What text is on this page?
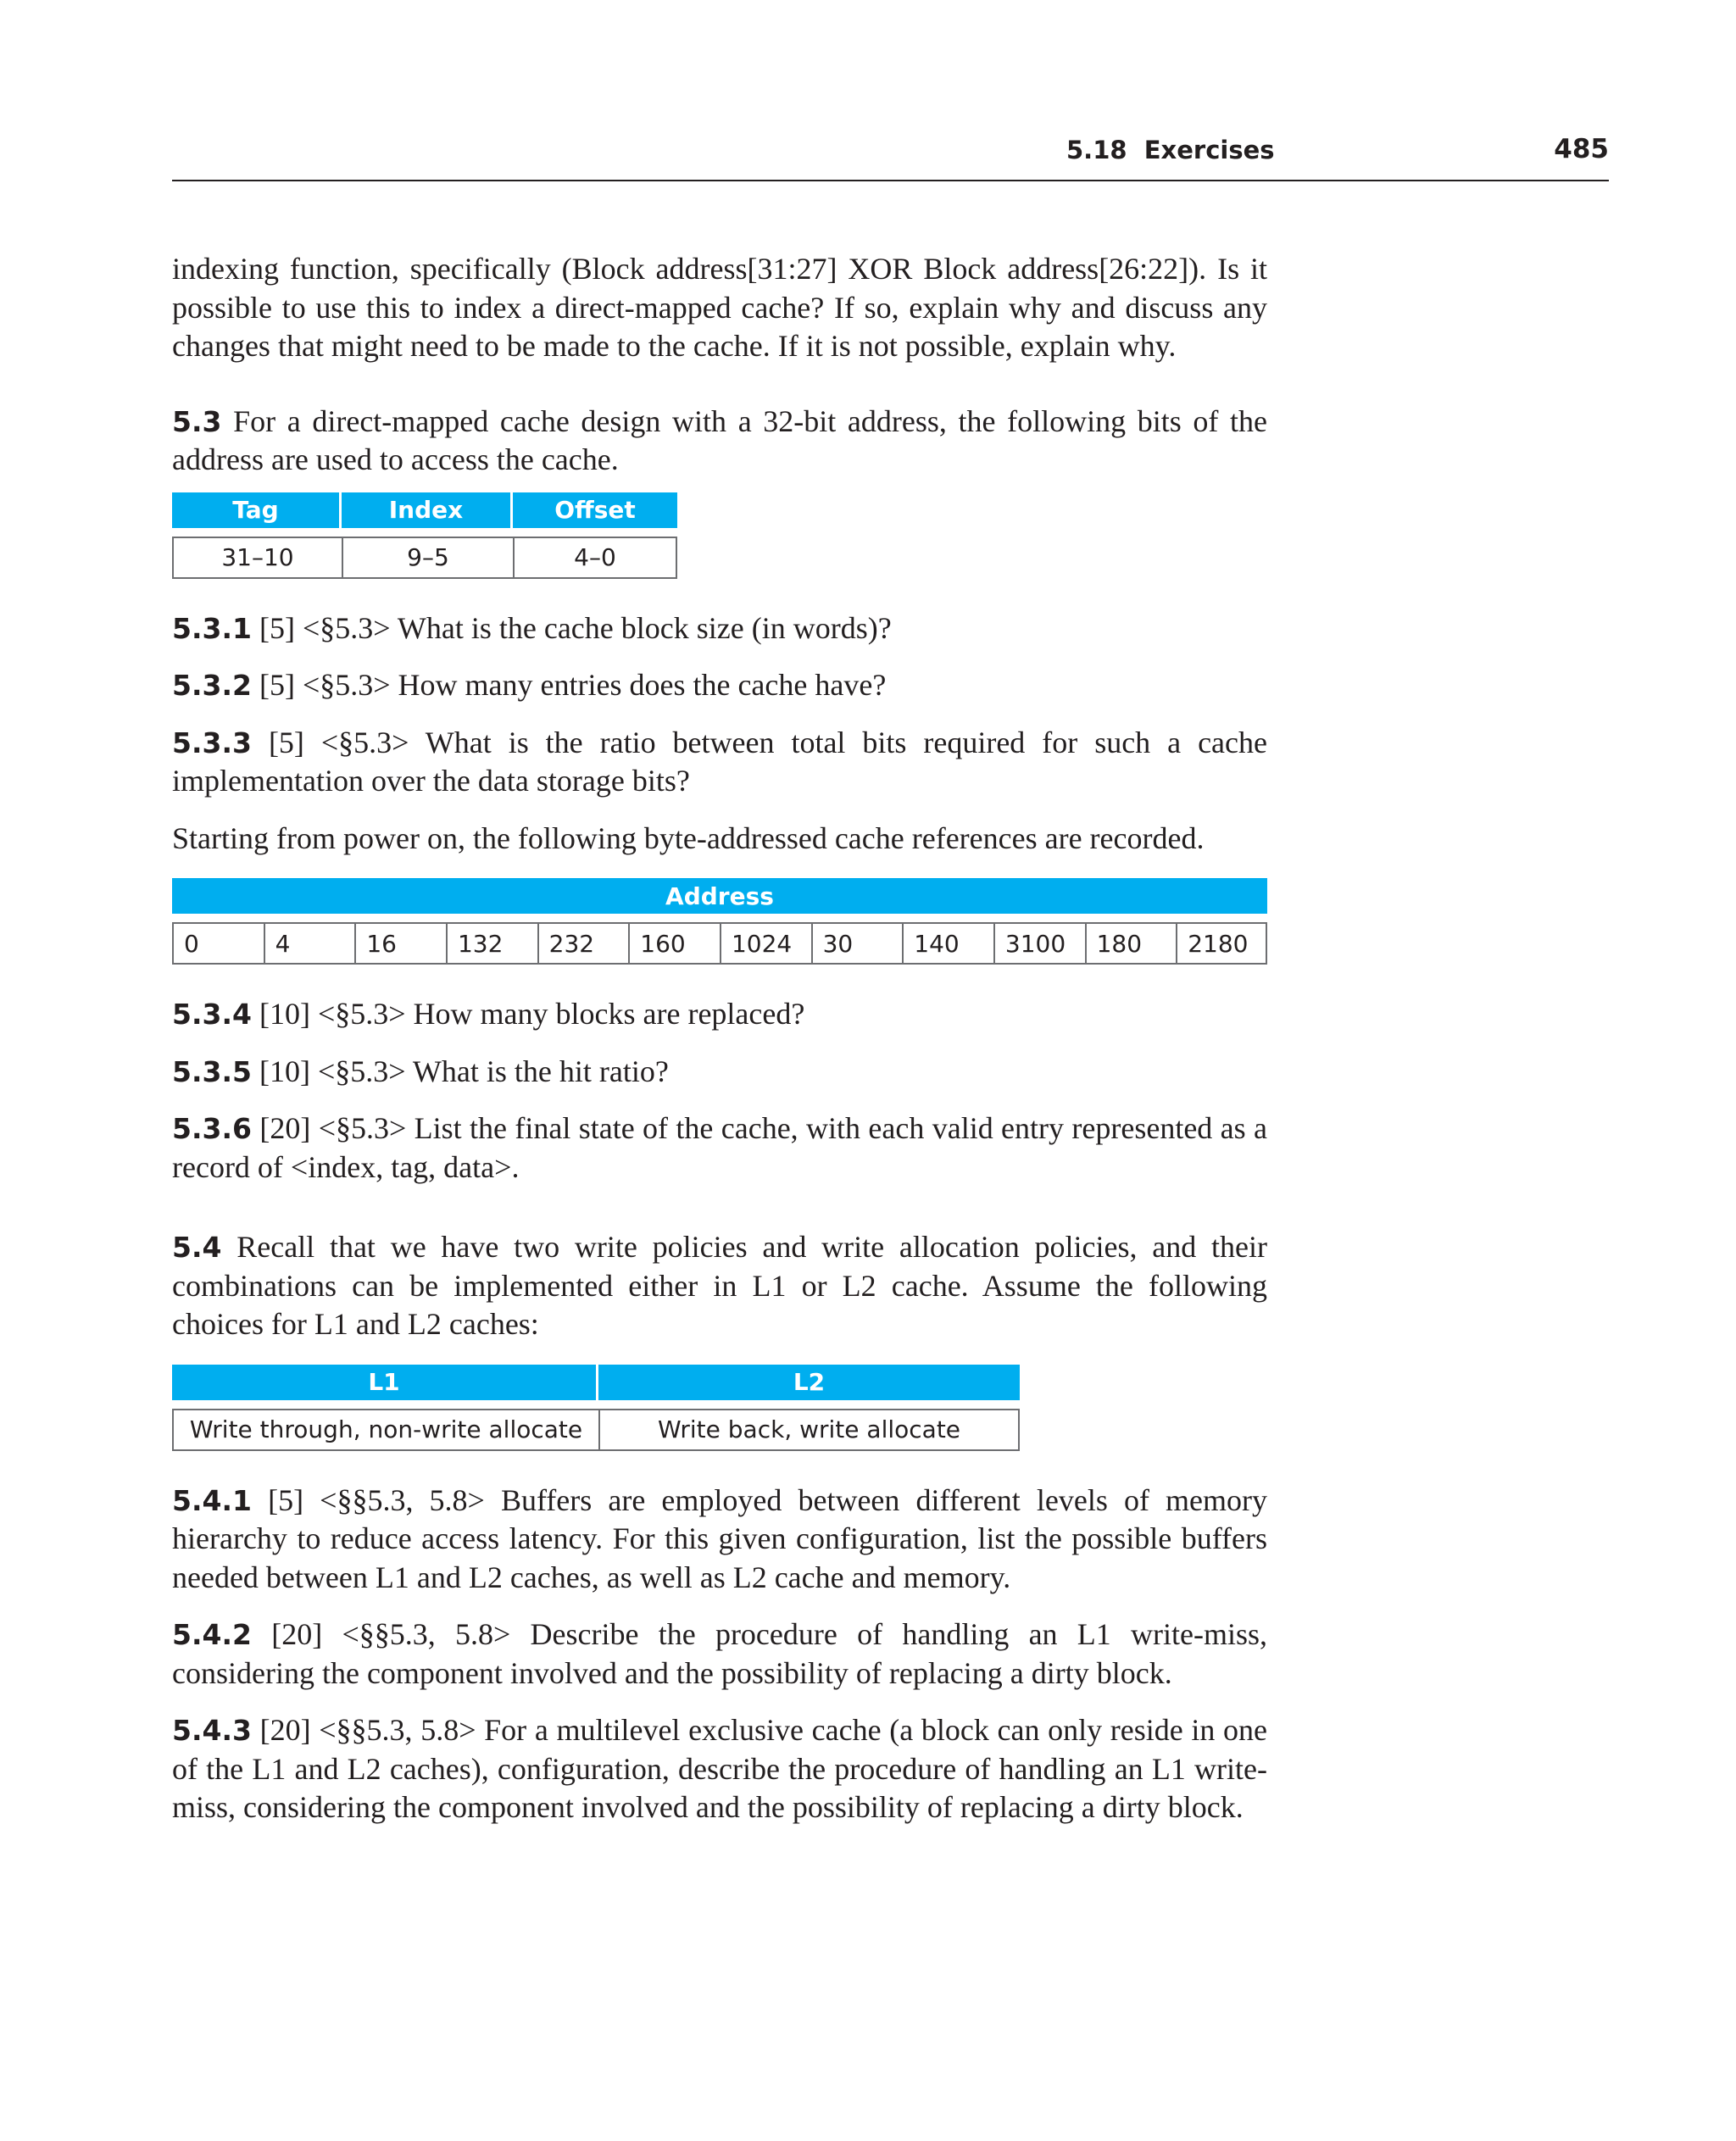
5.18  Exercises	485

indexing function, specifically (Block address[31:27] XOR Block address[26:22]). Is it possible to use this to index a direct-mapped cache? If so, explain why and discuss any changes that might need to be made to the cache. If it is not possible, explain why.

5.3 For a direct-mapped cache design with a 32-bit address, the following bits of the address are used to access the cache.

Tag	Index	Offset

31–10	9–5	4–0

5.3.1 [5] <§5.3> What is the cache block size (in words)?

5.3.2 [5] <§5.3> How many entries does the cache have?

5.3.3 [5] <§5.3> What is the ratio between total bits required for such a cache implementation over the data storage bits?

Starting from power on, the following byte-addressed cache references are recorded.

Address

0	4	16	132	232	160	1024	30	140	3100	180	2180

5.3.4 [10] <§5.3> How many blocks are replaced?

5.3.5 [10] <§5.3> What is the hit ratio?

5.3.6 [20] <§5.3> List the final state of the cache, with each valid entry represented as a record of <index, tag, data>.

5.4 Recall that we have two write policies and write allocation policies, and their combinations can be implemented either in L1 or L2 cache. Assume the following choices for L1 and L2 caches:

L1	L2

Write through, non-write allocate	Write back, write allocate

5.4.1 [5] <§§5.3, 5.8> Buffers are employed between different levels of memory hierarchy to reduce access latency. For this given configuration, list the possible buffers needed between L1 and L2 caches, as well as L2 cache and memory.

5.4.2 [20] <§§5.3, 5.8> Describe the procedure of handling an L1 write-miss, considering the component involved and the possibility of replacing a dirty block.

5.4.3 [20] <§§5.3, 5.8> For a multilevel exclusive cache (a block can only reside in one of the L1 and L2 caches), configuration, describe the procedure of handling an L1 write-miss, considering the component involved and the possibility of replacing a dirty block.
